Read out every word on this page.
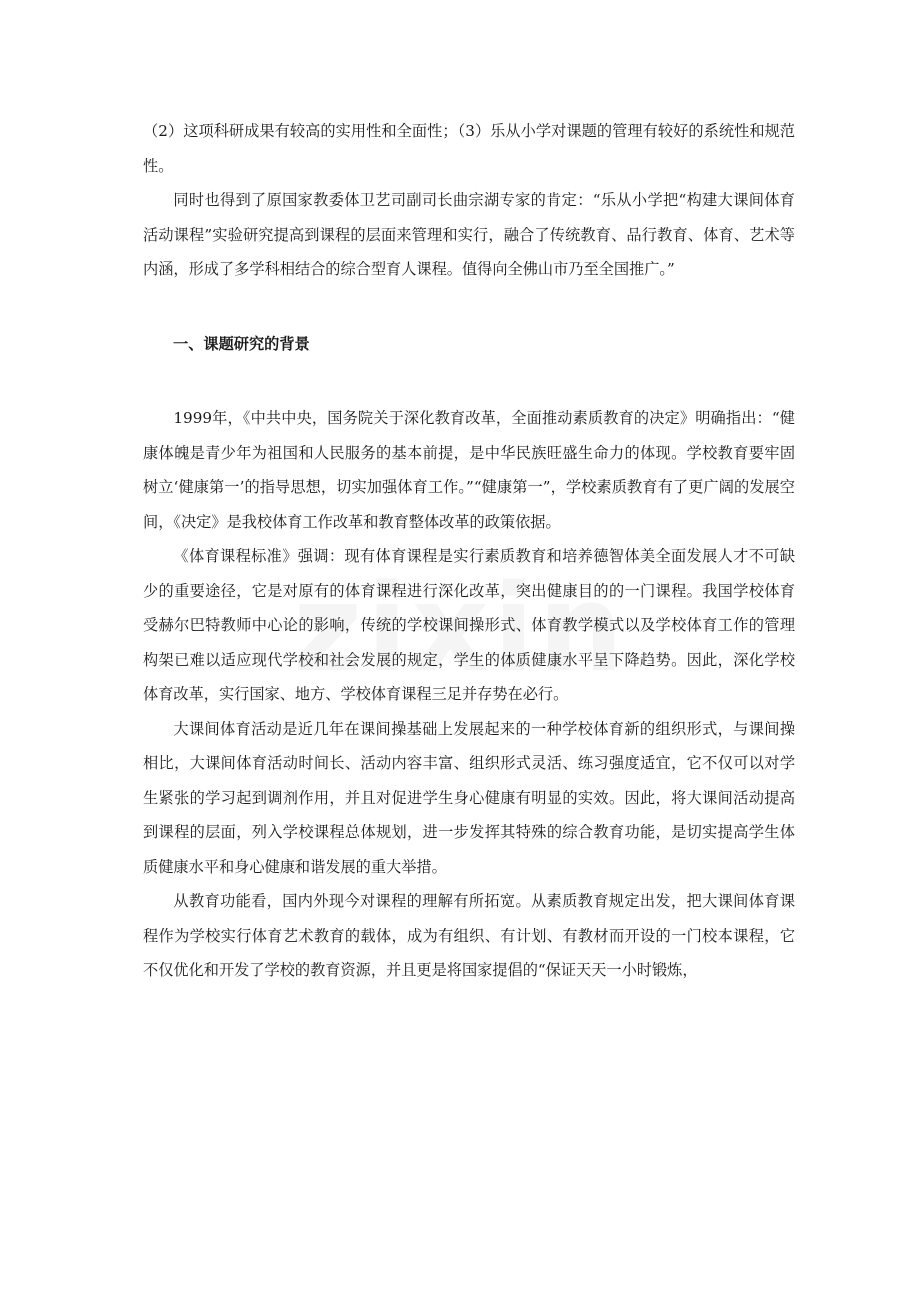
（2）这项科研成果有较高的实用性和全面性；（3）乐从小学对课题的管理有较好的系统性和规范性。

同时也得到了原国家教委体卫艺司副司长曲宗湖专家的肯定：“乐从小学把“构建大课间体育活动课程”实验研究提高到课程的层面来管理和实行，融合了传统教育、品行教育、体育、艺术等内涵，形成了多学科相结合的综合型育人课程。值得向全佛山市乃至全国推广。”

一、课题研究的背景

1999年，《中共中央，国务院关于深化教育改革，全面推动素质教育的决定》明确指出：“健康体魄是青少年为祖国和人民服务的基本前提，是中华民族旺盛生命力的体现。学校教育要牢固树立‘健康第一’的指导思想，切实加强体育工作。”“健康第一”，学校素质教育有了更广阔的发展空间，《决定》是我校体育工作改革和教育整体改革的政策依据。

《体育课程标准》强调：现有体育课程是实行素质教育和培养德智体美全面发展人才不可缺少的重要途径，它是对原有的体育课程进行深化改革，突出健康目的的一门课程。我国学校体育受赫尔巴特教师中心论的影响，传统的学校课间操形式、体育教学模式以及学校体育工作的管理构架已难以适应现代学校和社会发展的规定，学生的体质健康水平呈下降趋势。因此，深化学校体育改革，实行国家、地方、学校体育课程三足并存势在必行。

大课间体育活动是近几年在课间操基础上发展起来的一种学校体育新的组织形式，与课间操相比，大课间体育活动时间长、活动内容丰富、组织形式灵活、练习强度适宜，它不仅可以对学生紧张的学习起到调剂作用，并且对促进学生身心健康有明显的实效。因此，将大课间活动提高到课程的层面，列入学校课程总体规划，进一步发挥其特殊的综合教育功能，是切实提高学生体质健康水平和身心健康和谐发展的重大举措。

从教育功能看，国内外现今对课程的理解有所拓宽。从素质教育规定出发，把大课间体育课程作为学校实行体育艺术教育的载体，成为有组织、有计划、有教材而开设的一门校本课程，它不仅优化和开发了学校的教育资源，并且更是将国家提倡的“保证天天一小时锻炼，
